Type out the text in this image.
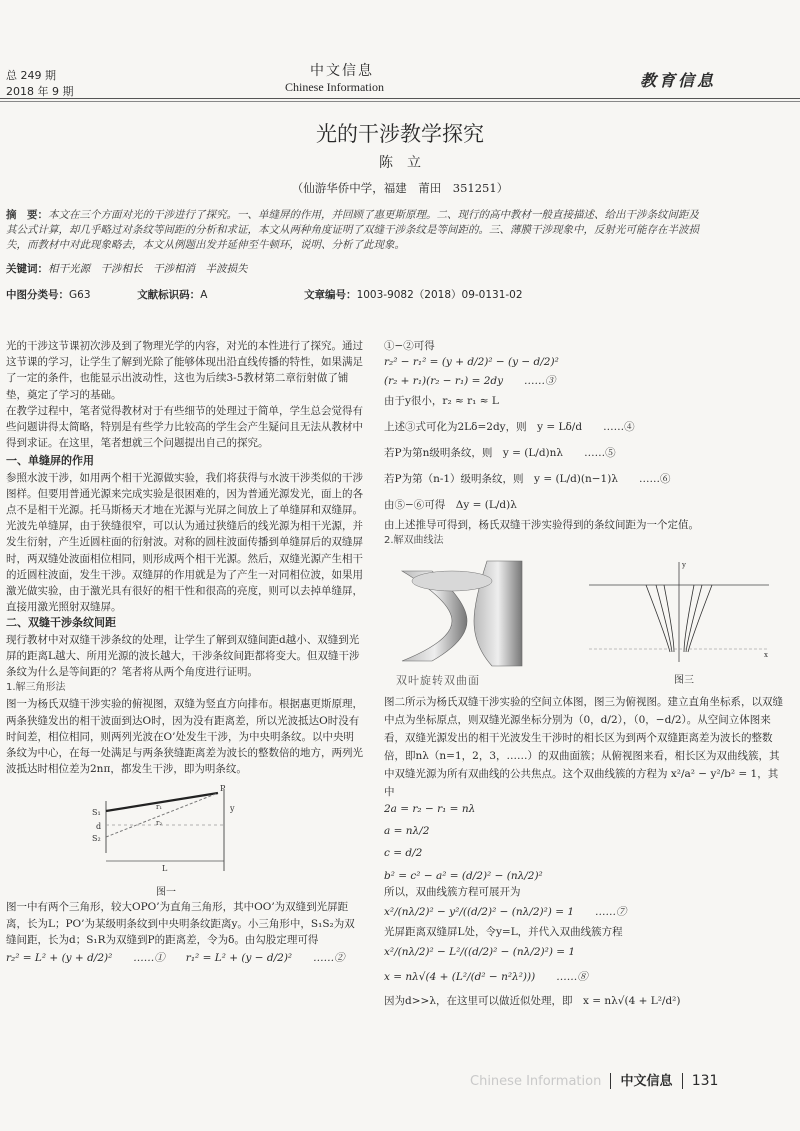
总 249 期
2018 年 9 期
中文信息
Chinese Information	教育信息
光的干涉教学探究
陈　立
（仙游华侨中学，福建　莆田　351251）
摘　要：本文在三个方面对光的干涉进行了探究。一、单缝屏的作用，并回顾了惠更斯原理。二、现行的高中教材一般直接描述、给出干涉条纹间距及其公式计算，却几乎略过对条纹等间距的分析和求证，本文从两种角度证明了双缝干涉条纹是等间距的。三、薄膜干涉现象中，反射光可能存在半波损失，而教材中对此现象略去，本文从例题出发并延伸至牛顿环，说明、分析了此现象。
关键词：相干光源　干涉相长　干涉相消　半波损失
中图分类号：G63	文献标识码：A	文章编号：1003-9082（2018）09-0131-02

光的干涉这节课初次涉及到了物理光学的内容，对光的本性进行了探究。通过这节课的学习，让学生了解到光除了能够体现出沿直线传播的特性，如果满足了一定的条件，也能显示出波动性，这也为后续3-5教材第二章衍射做了铺垫，奠定了学习的基础。

在教学过程中，笔者觉得教材对于有些细节的处理过于简单，学生总会觉得有些问题讲得太简略，特别是有些学力比较高的学生会产生疑问且无法从教材中得到求证。在这里，笔者想就三个问题提出自己的探究。

一、单缝屏的作用

参照水波干涉，如用两个相干光源做实验，我们将获得与水波干涉类似的干涉图样。但要用普通光源来完成实验是很困难的，因为普通光源发光，面上的各点不是相干光源。托马斯杨天才地在光源与光屏之间放上了单缝屏和双缝屏。光波先单缝屏，由于狭缝很窄，可以认为通过狭缝后的线光源为相干光源，并发生衍射，产生近圆柱面的衍射波。对称的圆柱波面传播到单缝屏后的双缝屏时，两双缝处波面相位相同，则形成两个相干光源。然后，双缝光源产生相干的近圆柱波面，发生干涉。双缝屏的作用就是为了产生一对同相位波，如果用激光做实验，由于激光具有很好的相干性和很高的亮度，则可以去掉单缝屏，直接用激光照射双缝屏。

二、双缝干涉条纹间距

现行教材中对双缝干涉条纹的处理，让学生了解到双缝间距d越小、双缝到光屏的距离L越大、所用光源的波长越大，干涉条纹间距都将变大。但双缝干涉条纹为什么是等间距的？笔者将从两个角度进行证明。

1.解三角形法

图一为杨氏双缝干涉实验的俯视图，双缝为竖直方向排布。根据惠更斯原理，两条狭缝发出的相干波面到达O时，因为没有距离差，所以光波抵达O时没有时间差，相位相同，则两列光波在O’处发生干涉，为中央明条纹。以中央明条纹为中心，在每一处满足与两条狭缝距离差为波长的整数倍的地方，两列光波抵达时相位差为2nπ，都发生干涉，即为明条纹。

S₁
S₂
d
P
y
L
r₁
r₂
图一

图一中有两个三角形，较大OPO’为直角三角形，其中OO’为双缝到光屏距离，长为L；PO’为某级明条纹到中央明条纹距离y。小三角形中，S₁S₂为双缝间距，长为d；S₁R为双缝到P的距离差，令为δ。由勾股定理可得

r₂² = L² + (y + d/2)²　　……①　　r₁² = L² + (y − d/2)²　　……②
①−②可得
r₂² − r₁² = (y + d/2)² − (y − d/2)²
(r₂ + r₁)(r₂ − r₁) = 2dy　　……③
由于y很小，r₂ ≈ r₁ ≈ L
上述③式可化为2Lδ=2dy，则　y = Lδ/d　　……④
若P为第n级明条纹，则　y = (L/d)nλ　　……⑤
若P为第（n-1）级明条纹，则　y = (L/d)(n−1)λ　　……⑥
由⑤−⑥可得　Δy = (L/d)λ
由上述推导可得到，杨氏双缝干涉实验得到的条纹间距为一个定值。
2.解双曲线法
双叶旋转双曲面
y
x
图三

图二所示为杨氏双缝干涉实验的空间立体图，图三为俯视图。建立直角坐标系，以双缝中点为坐标原点，则双缝光源坐标分别为（0，d/2），（0，−d/2）。从空间立体图来看，双缝光源发出的相干光波发生干涉时的相长区为到两个双缝距离差为波长的整数倍，即nλ（n=1，2，3，……）的双曲面簇；从俯视图来看，相长区为双曲线簇，其中双缝光源为所有双曲线的公共焦点。这个双曲线簇的方程为 x²/a² − y²/b² = 1，其中

2a = r₂ − r₁ = nλ
a = nλ/2
c = d/2
b² = c² − a² = (d/2)² − (nλ/2)²
所以，双曲线簇方程可展开为
x²/(nλ/2)² − y²/((d/2)² − (nλ/2)²) = 1　　……⑦
光屏距离双缝屏L处，令y=L，并代入双曲线簇方程
x²/(nλ/2)² − L²/((d/2)² − (nλ/2)²) = 1
x = nλ√(4 + (L²/(d² − n²λ²)))　　……⑧
因为d>>λ，在这里可以做近似处理，即　x = nλ√(4 + L²/d²)
Chinese Information 中文信息 131
